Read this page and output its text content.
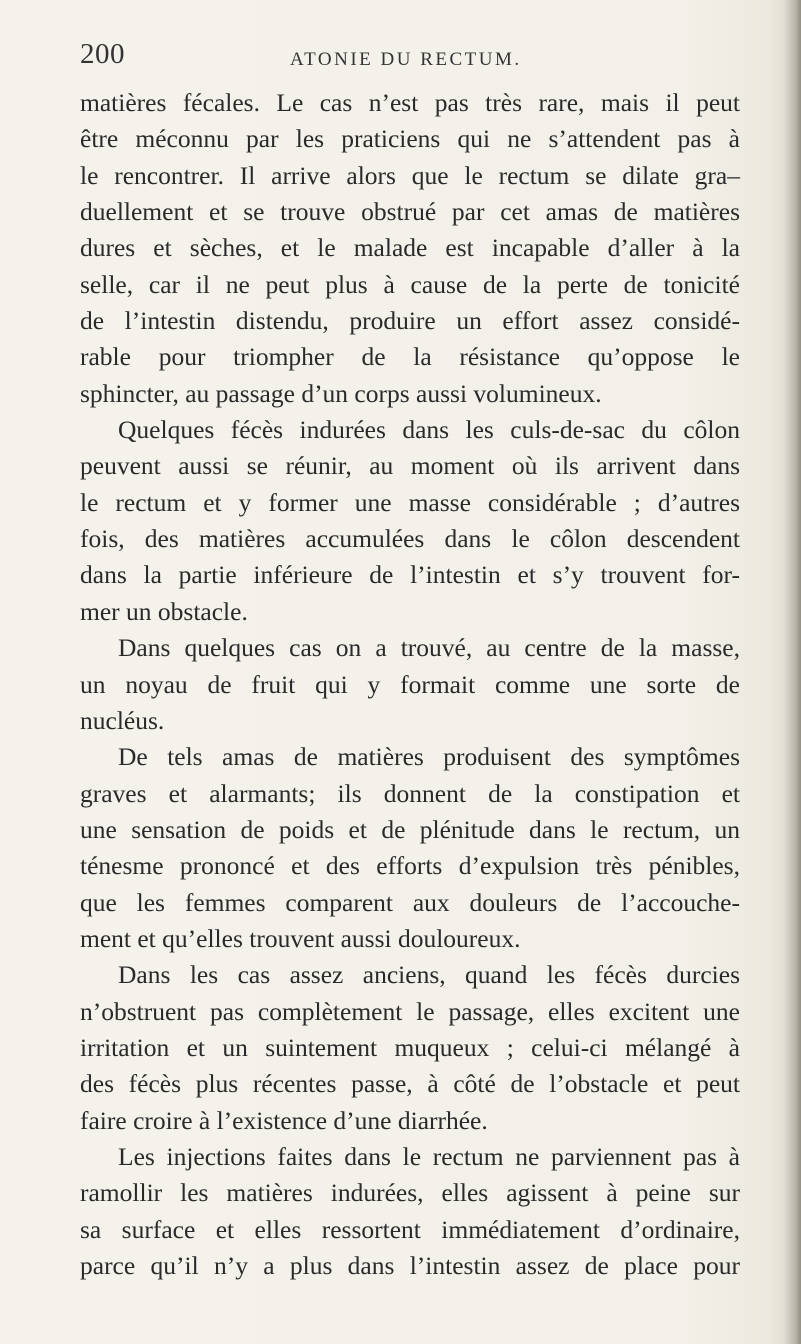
200	ATONIE DU RECTUM.
matières fécales. Le cas n’est pas très rare, mais il peut
être méconnu par les praticiens qui ne s’attendent pas à
le rencontrer. Il arrive alors que le rectum se dilate gra–
duellement et se trouve obstrué par cet amas de matières
dures et sèches, et le malade est incapable d’aller à la
selle, car il ne peut plus à cause de la perte de tonicité
de l’intestin distendu, produire un effort assez considé-
rable pour triompher de la résistance qu’oppose le
sphincter, au passage d’un corps aussi volumineux.
Quelques fécès indurées dans les culs-de-sac du côlon
peuvent aussi se réunir, au moment où ils arrivent dans
le rectum et y former une masse considérable ; d’autres
fois, des matières accumulées dans le côlon descendent
dans la partie inférieure de l’intestin et s’y trouvent for-
mer un obstacle.
Dans quelques cas on a trouvé, au centre de la masse,
un noyau de fruit qui y formait comme une sorte de
nucléus.
De tels amas de matières produisent des symptômes
graves et alarmants; ils donnent de la constipation et
une sensation de poids et de plénitude dans le rectum, un
ténesme prononcé et des efforts d’expulsion très pénibles,
que les femmes comparent aux douleurs de l’accouche-
ment et qu’elles trouvent aussi douloureux.
Dans les cas assez anciens, quand les fécès durcies
n’obstruent pas complètement le passage, elles excitent une
irritation et un suintement muqueux ; celui-ci mélangé à
des fécès plus récentes passe, à côté de l’obstacle et peut
faire croire à l’existence d’une diarrhée.
Les injections faites dans le rectum ne parviennent pas à
ramollir les matières indurées, elles agissent à peine sur
sa surface et elles ressortent immédiatement d’ordinaire,
parce qu’il n’y a plus dans l’intestin assez de place pour
